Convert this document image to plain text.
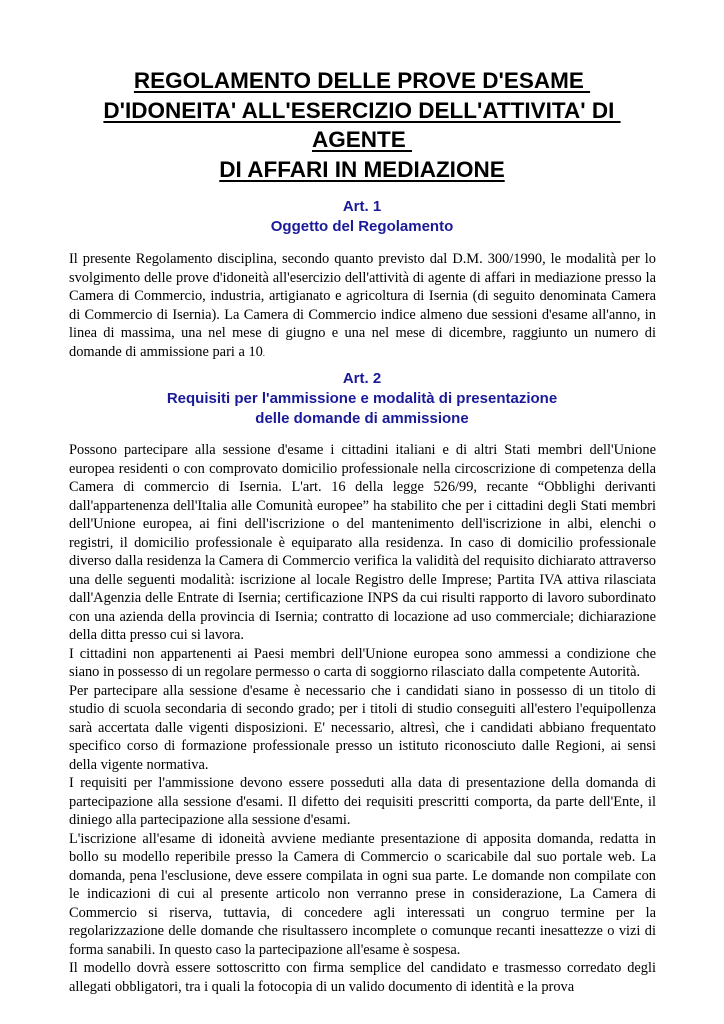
REGOLAMENTO DELLE PROVE D'ESAME
D'IDONEITA' ALL'ESERCIZIO DELL'ATTIVITA' DI
AGENTE
DI AFFARI IN MEDIAZIONE
Art. 1
Oggetto del Regolamento

Il presente Regolamento disciplina, secondo quanto previsto dal D.M. 300/1990, le modalità per lo svolgimento delle prove d'idoneità all'esercizio dell'attività di agente di affari in mediazione presso la Camera di Commercio, industria, artigianato e agricoltura di Isernia (di seguito denominata Camera di Commercio di Isernia). La Camera di Commercio indice almeno due sessioni d'esame all'anno, in linea di massima, una nel mese di giugno e una nel mese di dicembre, raggiunto un numero di domande di ammissione pari a 10.

Art. 2
Requisiti per l'ammissione e modalità di presentazione
delle domande di ammissione

Possono partecipare alla sessione d'esame i cittadini italiani e di altri Stati membri dell'Unione europea residenti o con comprovato domicilio professionale nella circoscrizione di competenza della Camera di commercio di Isernia. L'art. 16 della legge 526/99, recante “Obblighi derivanti dall'appartenenza dell'Italia alle Comunità europee” ha stabilito che per i cittadini degli Stati membri dell'Unione europea, ai fini dell'iscrizione o del mantenimento dell'iscrizione in albi, elenchi o registri, il domicilio professionale è equiparato alla residenza. In caso di domicilio professionale diverso dalla residenza la Camera di Commercio verifica la validità del requisito dichiarato attraverso una delle seguenti modalità: iscrizione al locale Registro delle Imprese; Partita IVA attiva rilasciata dall'Agenzia delle Entrate di Isernia; certificazione INPS da cui risulti rapporto di lavoro subordinato con una azienda della provincia di Isernia; contratto di locazione ad uso commerciale; dichiarazione della ditta presso cui si lavora.

I cittadini non appartenenti ai Paesi membri dell'Unione europea sono ammessi a condizione che siano in possesso di un regolare permesso o carta di soggiorno rilasciato dalla competente Autorità.

Per partecipare alla sessione d'esame è necessario che i candidati siano in possesso di un titolo di studio di scuola secondaria di secondo grado; per i titoli di studio conseguiti all'estero l'equipollenza sarà accertata dalle vigenti disposizioni. E' necessario, altresì, che i candidati abbiano frequentato specifico corso di formazione professionale presso un istituto riconosciuto dalle Regioni, ai sensi della vigente normativa.

I requisiti per l'ammissione devono essere posseduti alla data di presentazione della domanda di partecipazione alla sessione d'esami. Il difetto dei requisiti prescritti comporta, da parte dell'Ente, il diniego alla partecipazione alla sessione d'esami.

L'iscrizione all'esame di idoneità avviene mediante presentazione di apposita domanda, redatta in bollo su modello reperibile presso la Camera di Commercio o scaricabile dal suo portale web. La domanda, pena l'esclusione, deve essere compilata in ogni sua parte. Le domande non compilate con le indicazioni di cui al presente articolo non verranno prese in considerazione, La Camera di Commercio si riserva, tuttavia, di concedere agli interessati un congruo termine per la regolarizzazione delle domande che risultassero incomplete o comunque recanti inesattezze o vizi di forma sanabili. In questo caso la partecipazione all'esame è sospesa.

Il modello dovrà essere sottoscritto con firma semplice del candidato e trasmesso corredato degli allegati obbligatori, tra i quali la fotocopia di un valido documento di identità e la prova
